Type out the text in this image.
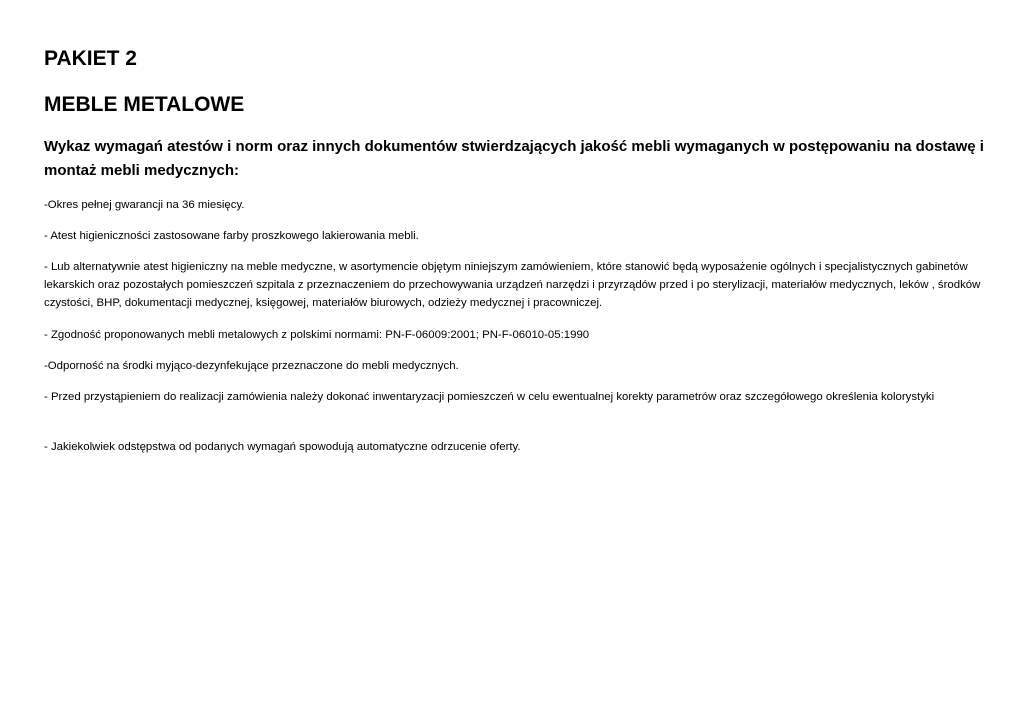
PAKIET 2
MEBLE METALOWE

Wykaz wymagań atestów i norm oraz innych dokumentów stwierdzających jakość mebli wymaganych w postępowaniu na dostawę i montaż mebli medycznych:

-Okres pełnej gwarancji na 36 miesięcy.

- Atest higieniczności zastosowane farby proszkowego lakierowania mebli.

- Lub alternatywnie atest higieniczny na meble medyczne, w asortymencie objętym niniejszym zamówieniem, które stanowić będą wyposażenie ogólnych i specjalistycznych gabinetów lekarskich oraz pozostałych pomieszczeń szpitala z przeznaczeniem do przechowywania urządzeń narzędzi i przyrządów przed i po sterylizacji, materiałów medycznych, leków , środków czystości, BHP, dokumentacji medycznej, księgowej, materiałów biurowych, odzieży medycznej i pracowniczej.

- Zgodność proponowanych mebli metalowych z polskimi normami: PN-F-06009:2001; PN-F-06010-05:1990

-Odporność na środki myjąco-dezynfekujące przeznaczone do mebli medycznych.

- Przed przystąpieniem do realizacji zamówienia należy dokonać inwentaryzacji pomieszczeń w celu ewentualnej korekty parametrów oraz szczegółowego określenia kolorystyki

- Jakiekolwiek odstępstwa od podanych wymagań spowodują automatyczne odrzucenie oferty.
